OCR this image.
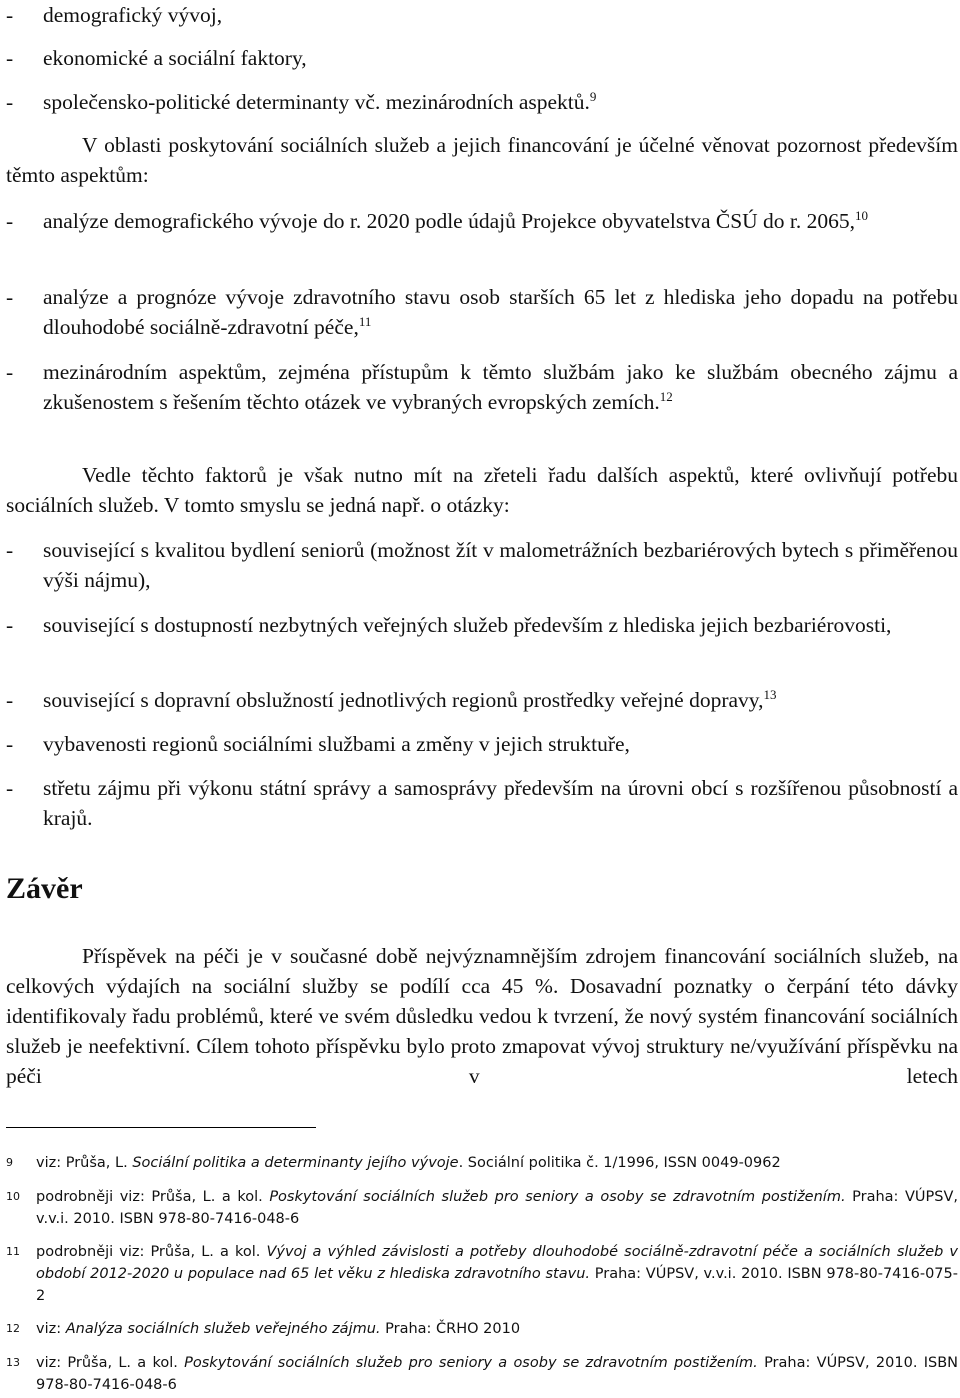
-	demografický vývoj,
-	ekonomické a sociální faktory,
-	společensko-politické determinanty vč. mezinárodních aspektů.$^9$
V oblasti poskytování sociálních služeb a jejich financování je účelné věnovat pozornost především těmto aspektům:
-	analýze demografického vývoje do r. 2020 podle údajů Projekce obyvatelstva ČSÚ do r. 2065,10
-	analýze a prognóze vývoje zdravotního stavu osob starších 65 let z hlediska jeho dopadu na potřebu dlouhodobé sociálně-zdravotní péče,$^{11}$
-	mezinárodním aspektům, zejména přístupům k těmto službám jako ke službám obecného zájmu a zkušenostem s řešením těchto otázek ve vybraných evropských zemích.$^{12}$
Vedle těchto faktorů je však nutno mít na zřeteli řadu dalších aspektů, které ovlivňují potřebu sociálních služeb. V tomto smyslu se jedná např. o otázky:
-	související s kvalitou bydlení seniorů (možnost žít v malometrážních bezbariérových bytech s přiměřenou výši nájmu),
-	související s dostupností nezbytných veřejných služeb především z hlediska jejich bezbariérovosti,
-	související s dopravní obslužností jednotlivých regionů prostředky veřejné dopravy,$^{13}$
-	vybavenosti regionů sociálními službami a změny v jejich struktuře,
-	střetu zájmu při výkonu státní správy a samosprávy především na úrovni obcí s rozšířenou působností a krajů.
Závěr
Příspěvek na péči je v současné době nejvýznamnějším zdrojem financování sociálních služeb, na celkových výdajích na sociální služby se podílí cca 45 %. Dosavadní poznatky o čerpání této dávky identifikovaly řadu problémů, které ve svém důsledku vedou k tvrzení, že nový systém financování sociálních služeb je neefektivní. Cílem tohoto příspěvku bylo proto zmapovat vývoj struktury ne/využívání příspěvku na péči v letech
9 viz: Průša, L. Sociální politika a determinanty jejího vývoje. Sociální politika č. 1/1996, ISSN 0049-0962
10 podrobněji viz: Průša, L. a kol. Poskytování sociálních služeb pro seniory a osoby se zdravotním postižením. Praha: VÚPSV, v.v.i. 2010. ISBN 978-80-7416-048-6
11 podrobněji viz: Průša, L. a kol. Vývoj a výhled závislosti a potřeby dlouhodobé sociálně-zdravotní péče a sociálních služeb v období 2012-2020 u populace nad 65 let věku z hlediska zdravotního stavu. Praha: VÚPSV, v.v.i. 2010. ISBN 978-80-7416-075-2
12 viz: Analýza sociálních služeb veřejného zájmu. Praha: ČRHO 2010
13 viz: Průša, L. a kol. Poskytování sociálních služeb pro seniory a osoby se zdravotním postižením. Praha: VÚPSV, 2010. ISBN 978-80-7416-048-6
